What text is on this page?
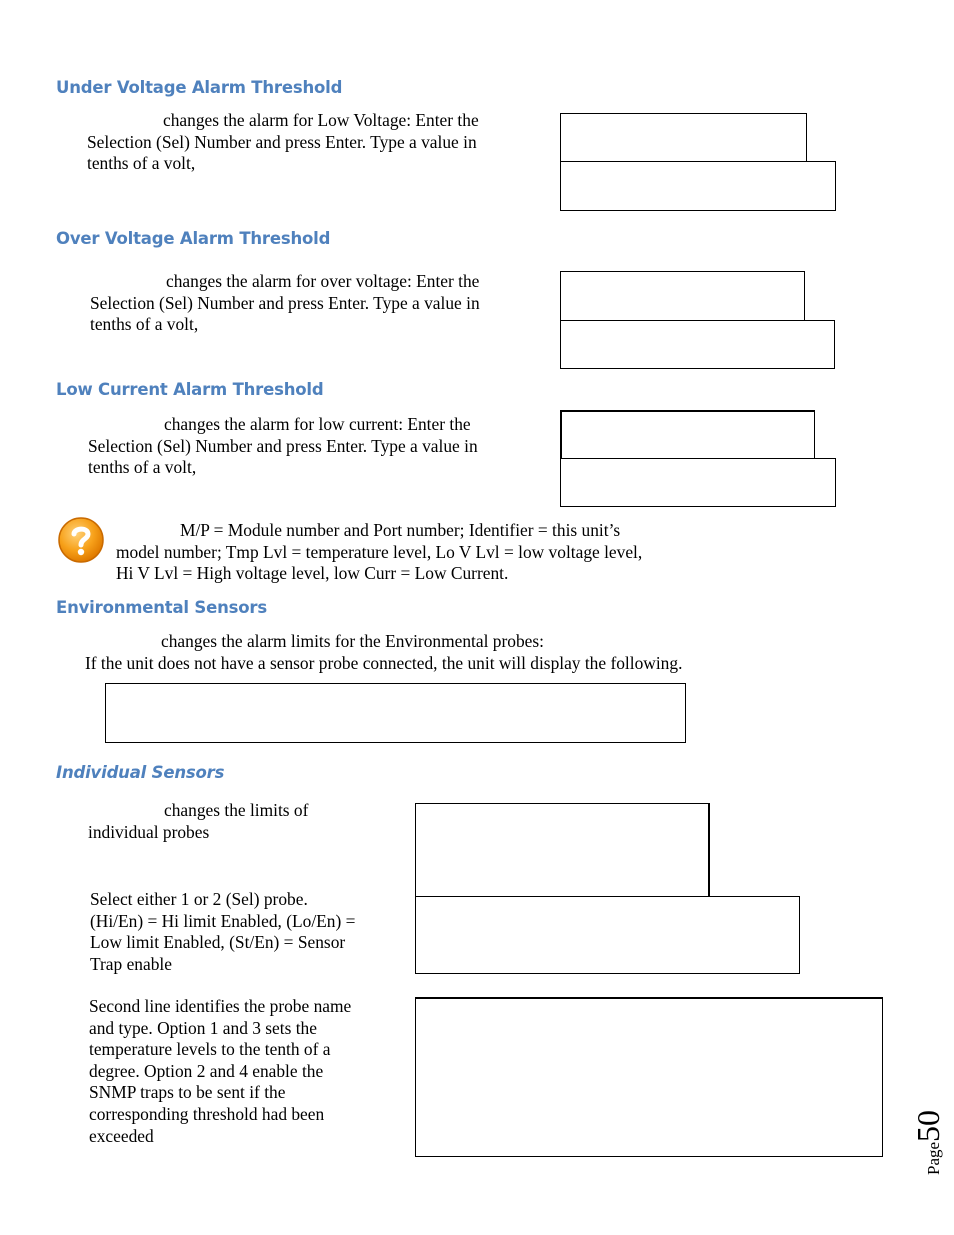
Under Voltage Alarm Threshold
changes the alarm for Low Voltage: Enter the
Selection (Sel) Number and press Enter. Type a value in
tenths of a volt,
Over Voltage Alarm Threshold
changes the alarm for over voltage: Enter the
Selection (Sel) Number and press Enter. Type a value in
tenths of a volt,
Low Current Alarm Threshold
changes the alarm for low current: Enter the
Selection (Sel) Number and press Enter. Type a value in
tenths of a volt,
M/P = Module number and Port number; Identifier = this unit’s
model number; Tmp Lvl = temperature level, Lo V Lvl = low voltage level,
Hi V Lvl = High voltage level, low Curr = Low Current.
Environmental Sensors
changes the alarm limits for the Environmental probes:
If the unit does not have a sensor probe connected, the unit will display the following.
Individual Sensors
changes the limits of
individual probes
Select either 1 or 2 (Sel) probe.
(Hi/En) = Hi limit Enabled, (Lo/En) =
Low limit Enabled, (St/En) = Sensor
Trap enable
Second line identifies the probe name
and type. Option 1 and 3 sets the
temperature levels to the tenth of a
degree. Option 2 and 4 enable the
SNMP traps to be sent if the
corresponding threshold had been
exceeded
Page50
